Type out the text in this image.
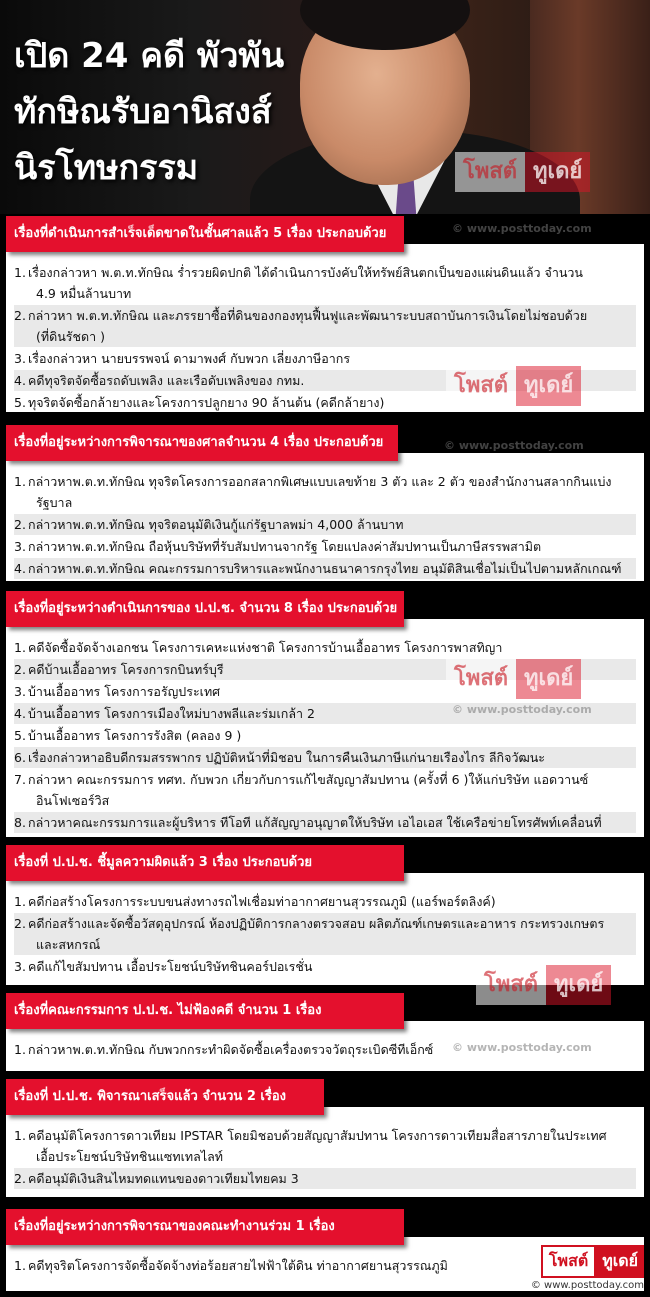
เปิด 24 คดี พัวพัน
ทักษิณรับอานิสงส์
นิรโทษกรรม	โพสต์ ทูเดย์
1. เรื่องกล่าวหา พ.ต.ท.ทักษิณ ร่ำรวยผิดปกติ ได้ดำเนินการบังคับให้ทรัพย์สินตกเป็นของแผ่นดินแล้ว จำนวน
4.9 หมื่นล้านบาท
2. กล่าวหา พ.ต.ท.ทักษิณ และภรรยาซื้อที่ดินของกองทุนฟื้นฟูและพัฒนาระบบสถาบันการเงินโดยไม่ชอบด้วย
(ที่ดินรัชดา )
3. เรื่องกล่าวหา นายบรรพจน์ ดามาพงศ์ กับพวก เลี่ยงภาษีอากร
4. คดีทุจริตจัดซื้อรถดับเพลิง และเรือดับเพลิงของ กทม.
5. ทุจริตจัดซื้อกล้ายางและโครงการปลูกยาง 90 ล้านต้น (คดีกล้ายาง)
เรื่องที่ดำเนินการสำเร็จเด็ดขาดในชั้นศาลแล้ว 5 เรื่อง ประกอบด้วย	© www.posttoday.com
โพสต์ ทูเดย์
1. กล่าวหาพ.ต.ท.ทักษิณ ทุจริตโครงการออกสลากพิเศษแบบเลขท้าย 3 ตัว และ 2 ตัว ของสำนักงานสลากกินแบ่ง
รัฐบาล
2. กล่าวหาพ.ต.ท.ทักษิณ ทุจริตอนุมัติเงินกู้แก่รัฐบาลพม่า 4,000 ล้านบาท
3. กล่าวหาพ.ต.ท.ทักษิณ ถือหุ้นบริษัทที่รับสัมปทานจากรัฐ โดยแปลงค่าสัมปทานเป็นภาษีสรรพสามิต
4. กล่าวหาพ.ต.ท.ทักษิณ คณะกรรมการบริหารและพนักงานธนาคารกรุงไทย อนุมัติสินเชื่อไม่เป็นไปตามหลักเกณฑ์
เรื่องที่อยู่ระหว่างการพิจารณาของศาลจำนวน 4 เรื่อง ประกอบด้วย	© www.posttoday.com
1. คดีจัดซื้อจัดจ้างเอกชน โครงการเคหะแห่งชาติ โครงการบ้านเอื้ออาทร โครงการพาสทิญา
2. คดีบ้านเอื้ออาทร โครงการกบินทร์บุรี
3. บ้านเอื้ออาทร โครงการอรัญประเทศ
4. บ้านเอื้ออาทร โครงการเมืองใหม่บางพลีและร่มเกล้า 2
5. บ้านเอื้ออาทร โครงการรังสิต (คลอง 9 )
6. เรื่องกล่าวหาอธิบดีกรมสรรพากร ปฏิบัติหน้าที่มิชอบ ในการคืนเงินภาษีแก่นายเรืองไกร ลีกิจวัฒนะ
7. กล่าวหา คณะกรรมการ ทศท. กับพวก เกี่ยวกับการแก้ไขสัญญาสัมปทาน (ครั้งที่ 6 )ให้แก่บริษัท แอดวานซ์
อินโฟเซอร์วิส
8. กล่าวหาคณะกรรมการและผู้บริหาร ทีโอที แก้สัญญาอนุญาตให้บริษัท เอไอเอส ใช้เครือข่ายโทรศัพท์เคลื่อนที่
เรื่องที่อยู่ระหว่างดำเนินการของ ป.ป.ช. จำนวน 8 เรื่อง ประกอบด้วย
โพสต์ ทูเดย์
© www.posttoday.com
1. คดีก่อสร้างโครงการระบบขนส่งทางรถไฟเชื่อมท่าอากาศยานสุวรรณภูมิ (แอร์พอร์ตลิงค์)
2. คดีก่อสร้างและจัดซื้อวัสดุอุปกรณ์ ห้องปฏิบัติการกลางตรวจสอบ ผลิตภัณฑ์เกษตรและอาหาร กระทรวงเกษตร
และสหกรณ์
3. คดีแก้ไขสัมปทาน เอื้อประโยชน์บริษัทชินคอร์ปอเรชั่น
เรื่องที่ ป.ป.ช. ชี้มูลความผิดแล้ว 3 เรื่อง ประกอบด้วย
โพสต์ ทูเดย์
1. กล่าวหาพ.ต.ท.ทักษิณ กับพวกกระทำผิดจัดซื้อเครื่องตรวจวัตถุระเบิดซีทีเอ็กซ์
เรื่องที่คณะกรรมการ ป.ป.ช. ไม่ฟ้องคดี จำนวน 1 เรื่อง
© www.posttoday.com
1. คดีอนุมัติโครงการดาวเทียม IPSTAR โดยมิชอบด้วยสัญญาสัมปทาน โครงการดาวเทียมสื่อสารภายในประเทศ
เอื้อประโยชน์บริษัทชินแซทเทลไลท์
2. คดีอนุมัติเงินสินไหมทดแทนของดาวเทียมไทยคม 3
เรื่องที่ ป.ป.ช. พิจารณาเสร็จแล้ว จำนวน 2 เรื่อง
1. คดีทุจริตโครงการจัดซื้อจัดจ้างท่อร้อยสายไฟฟ้าใต้ดิน ท่าอากาศยานสุวรรณภูมิ
เรื่องที่อยู่ระหว่างการพิจารณาของคณะทำงานร่วม 1 เรื่อง
โพสต์ ทูเดย์
© www.posttoday.com
